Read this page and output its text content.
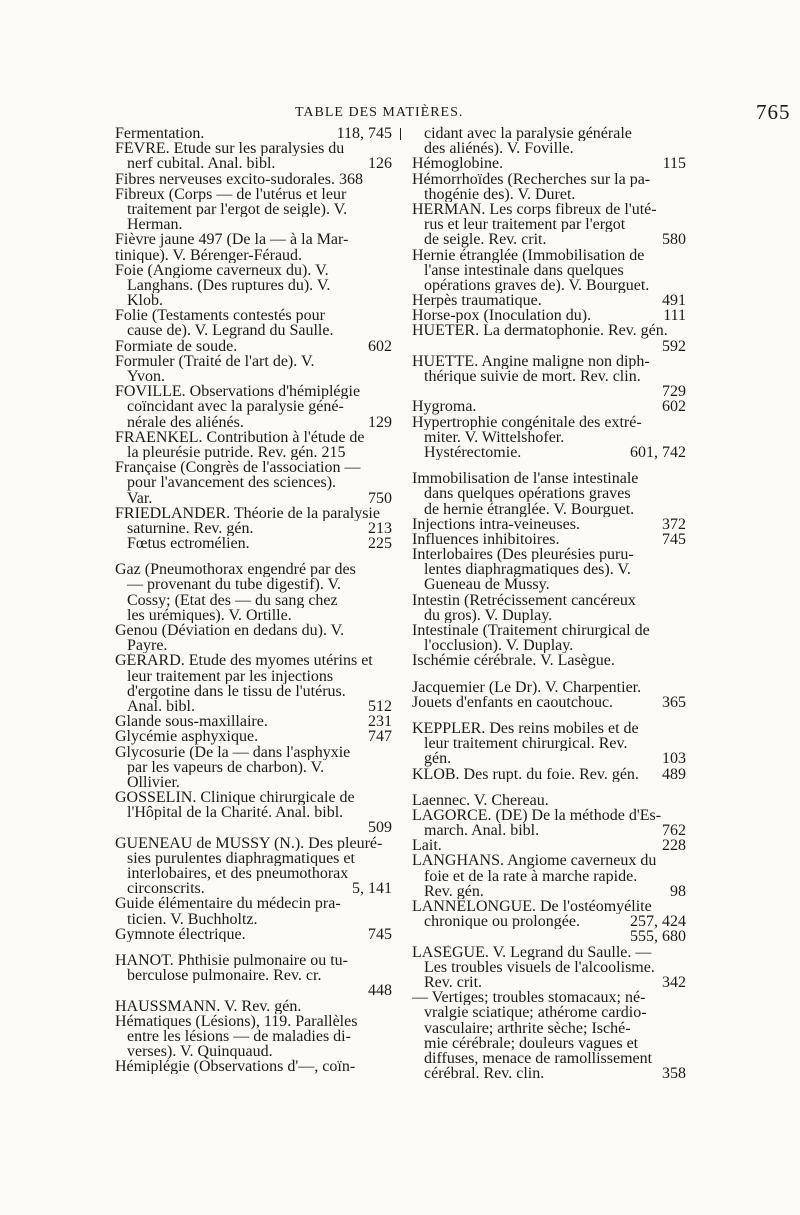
TABLE DES MATIÈRES.	765
Fermentation.	118, 745
FÈVRE. Etude sur les paralysies du
nerf cubital. Anal. bibl.	126
Fibres nerveuses excito-sudorales. 368
Fibreux (Corps — de l'utérus et leur
traitement par l'ergot de seigle). V.
Herman.
Fièvre jaune 497 (De la — à la Mar-
tinique). V. Bérenger-Féraud.
Foie (Angiome caverneux du). V.
Langhans. (Des ruptures du). V.
Klob.
Folie (Testaments contestés pour
cause de). V. Legrand du Saulle.
Formiate de soude.	602
Formuler (Traité de l'art de). V.
Yvon.
FOVILLE. Observations d'hémiplégie
coïncidant avec la paralysie géné-
nérale des aliénés.	129
FRAENKEL. Contribution à l'étude de
la pleurésie putride. Rev. gén. 215
Française (Congrès de l'association —
pour l'avancement des sciences).
Var.	750
FRIEDLANDER. Théorie de la paralysie
saturnine. Rev. gén.	213
Fœtus ectromélien.	225
Gaz (Pneumothorax engendré par des
— provenant du tube digestif). V.
Cossy; (Etat des — du sang chez
les urémiques). V. Ortille.
Genou (Déviation en dedans du). V.
Payre.
GÉRARD. Etude des myomes utérins et
leur traitement par les injections
d'ergotine dans le tissu de l'utérus.
Anal. bibl.	512
Glande sous-maxillaire.	231
Glycémie asphyxique.	747
Glycosurie (De la — dans l'asphyxie
par les vapeurs de charbon). V.
Ollivier.
GOSSELIN. Clinique chirurgicale de
l'Hôpital de la Charité. Anal. bibl.
509
GUENEAU de MUSSY (N.). Des pleuré-
sies purulentes diaphragmatiques et
interlobaires, et des pneumothorax
circonscrits.	5, 141
Guide élémentaire du médecin pra-
ticien. V. Buchholtz.
Gymnote électrique.	745
HANOT. Phthisie pulmonaire ou tu-
berculose pulmonaire. Rev. cr.
448
HAUSSMANN. V. Rev. gén.
Hématiques (Lésions), 119. Parallèles
entre les lésions — de maladies di-
verses). V. Quinquaud.
Hémiplégie (Observations d'—, coïn-
cidant avec la paralysie générale
des aliénés). V. Foville.
Hémoglobine.	115
Hémorrhoïdes (Recherches sur la pa-
thogénie des). V. Duret.
HERMAN. Les corps fibreux de l'uté-
rus et leur traitement par l'ergot
de seigle. Rev. crit.	580
Hernie étranglée (Immobilisation de
l'anse intestinale dans quelques
opérations graves de). V. Bourguet.
Herpès traumatique.	491
Horse-pox (Inoculation du).	111
HUETER. La dermatophonie. Rev. gén.
592
HUETTE. Angine maligne non diph-
thérique suivie de mort. Rev. clin.
729
Hygroma.	602
Hypertrophie congénitale des extré-
miter. V. Wittelshofer.
Hystérectomie.	601, 742
Immobilisation de l'anse intestinale
dans quelques opérations graves
de hernie étranglée. V. Bourguet.
Injections intra-veineuses.	372
Influences inhibitoires.	745
Interlobaires (Des pleurésies puru-
lentes diaphragmatiques des). V.
Gueneau de Mussy.
Intestin (Retrécissement cancéreux
du gros). V. Duplay.
Intestinale (Traitement chirurgical de
l'occlusion). V. Duplay.
Ischémie cérébrale. V. Lasègue.
Jacquemier (Le Dr). V. Charpentier.
Jouets d'enfants en caoutchouc.	365
KEPPLER. Des reins mobiles et de
leur traitement chirurgical. Rev.
gén.	103
KLOB. Des rupt. du foie. Rev. gén.	489
Laennec. V. Chereau.
LAGORCE. (DE) De la méthode d'Es-
march. Anal. bibl.	762
Lait.	228
LANGHANS. Angiome caverneux du
foie et de la rate à marche rapide.
Rev. gén.	98
LANNELONGUE. De l'ostéomyélite
chronique ou prolongée.	257, 424
555, 680
LASÈGUE. V. Legrand du Saulle. —
Les troubles visuels de l'alcoolisme.
Rev. crit.	342
— Vertiges; troubles stomacaux; né-
vralgie sciatique; athérome cardio-
vasculaire; arthrite sèche; Isché-
mie cérébrale; douleurs vagues et
diffuses, menace de ramollissement
cérébral. Rev. clin.	358
